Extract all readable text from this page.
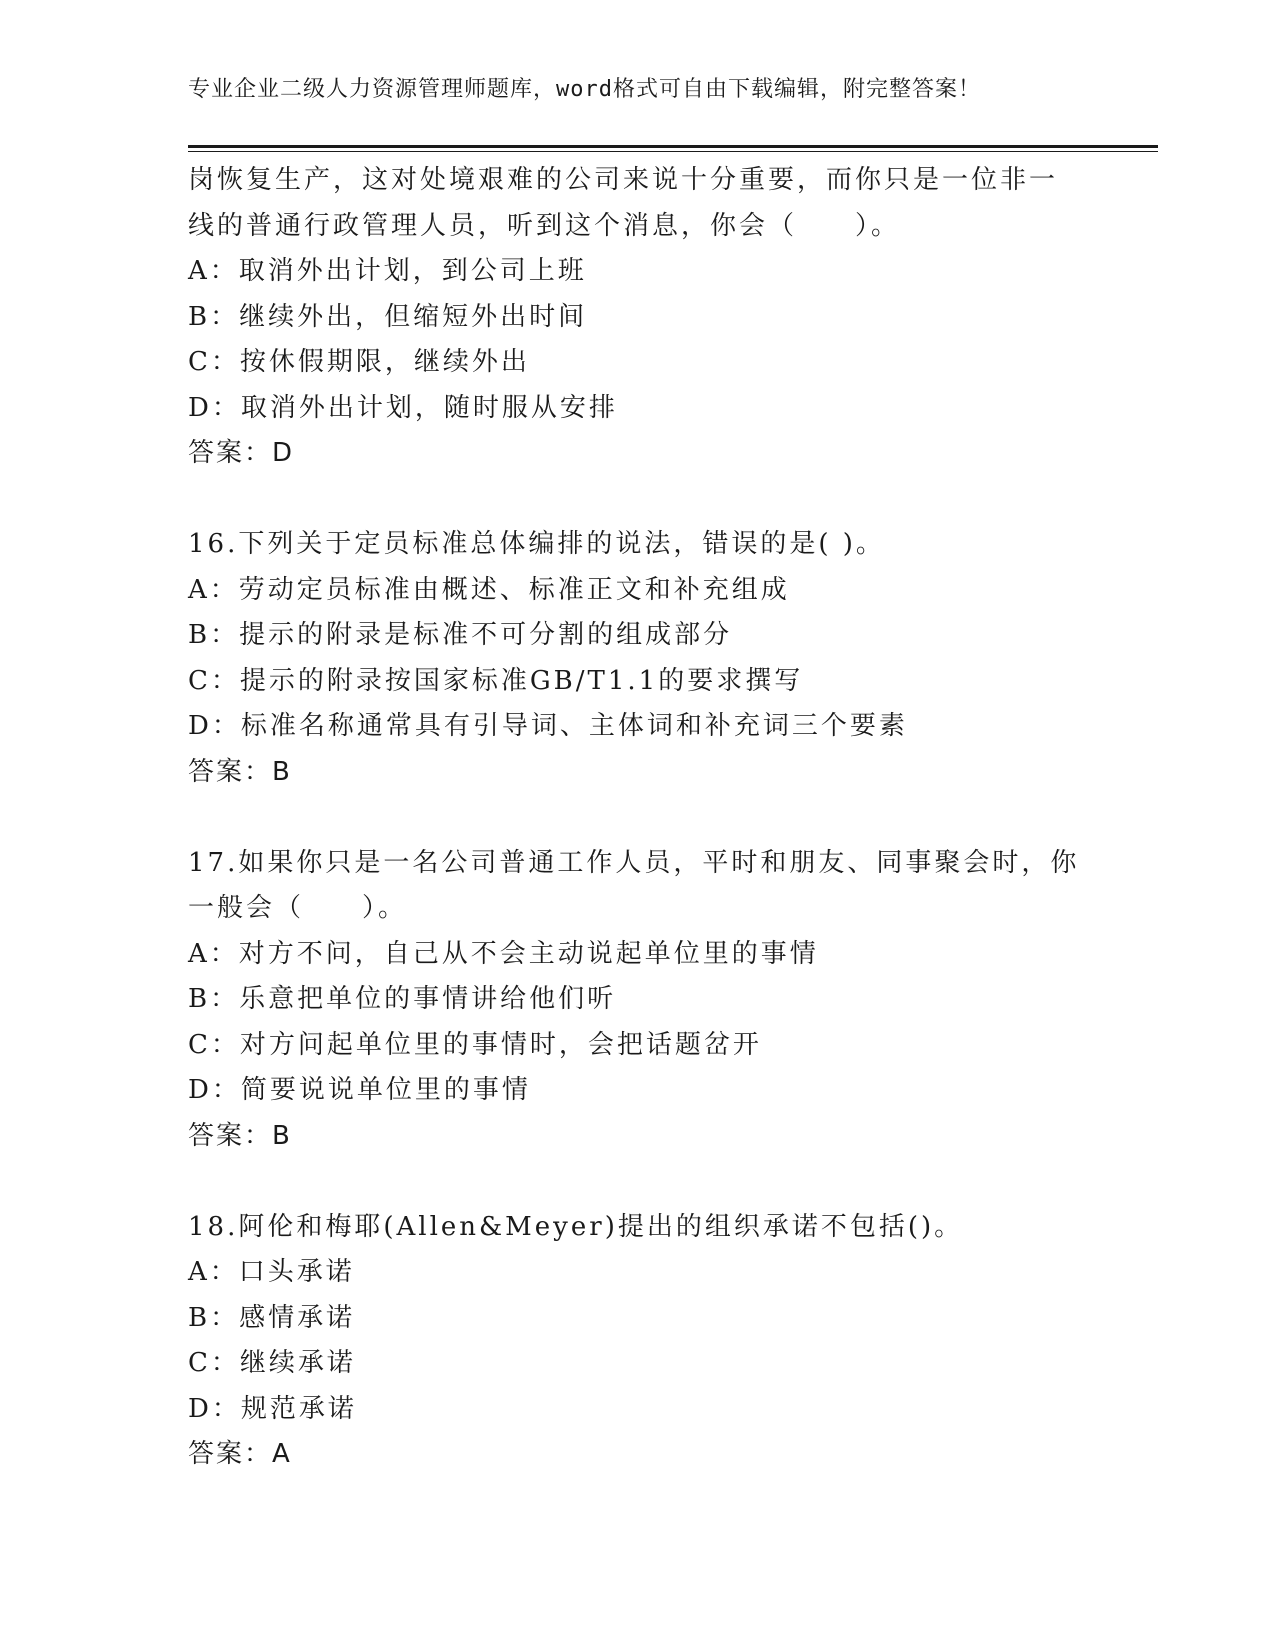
专业企业二级人力资源管理师题库，word格式可自由下载编辑，附完整答案！
岗恢复生产，这对处境艰难的公司来说十分重要，而你只是一位非一
线的普通行政管理人员，听到这个消息，你会（　　）。
A：取消外出计划，到公司上班
B：继续外出，但缩短外出时间
C：按休假期限，继续外出
D：取消外出计划，随时服从安排
答案：D
16.下列关于定员标准总体编排的说法，错误的是( )。
A：劳动定员标准由概述、标准正文和补充组成
B：提示的附录是标准不可分割的组成部分
C：提示的附录按国家标准GB/T1.1的要求撰写
D：标准名称通常具有引导词、主体词和补充词三个要素
答案：B
17.如果你只是一名公司普通工作人员，平时和朋友、同事聚会时，你
一般会（　　）。
A：对方不问，自己从不会主动说起单位里的事情
B：乐意把单位的事情讲给他们听
C：对方问起单位里的事情时，会把话题岔开
D：简要说说单位里的事情
答案：B
18.阿伦和梅耶(Allen&Meyer)提出的组织承诺不包括()。
A：口头承诺
B：感情承诺
C：继续承诺
D：规范承诺
答案：A
